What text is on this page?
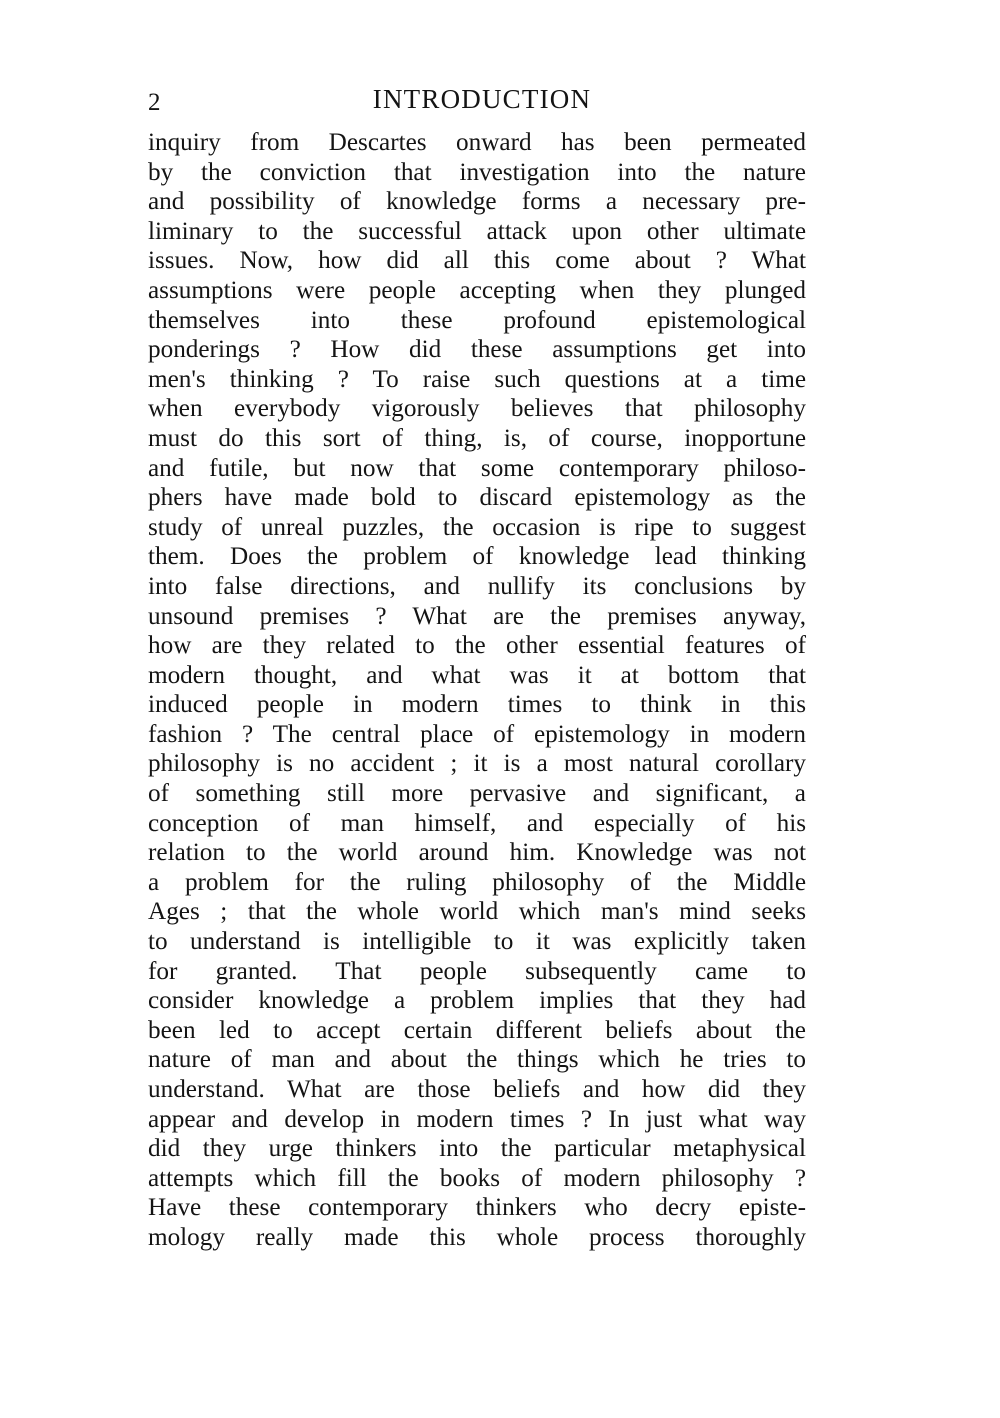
2	INTRODUCTION
inquiry from Descartes onward has been permeated
by the conviction that investigation into the nature
and possibility of knowledge forms a necessary pre-
liminary to the successful attack upon other ultimate
issues. Now, how did all this come about ? What
assumptions were people accepting when they plunged
themselves into these profound epistemological
ponderings ? How did these assumptions get into
men's thinking ? To raise such questions at a time
when everybody vigorously believes that philosophy
must do this sort of thing, is, of course, inopportune
and futile, but now that some contemporary philoso-
phers have made bold to discard epistemology as the
study of unreal puzzles, the occasion is ripe to suggest
them. Does the problem of knowledge lead thinking
into false directions, and nullify its conclusions by
unsound premises ? What are the premises anyway,
how are they related to the other essential features of
modern thought, and what was it at bottom that
induced people in modern times to think in this
fashion ? The central place of epistemology in modern
philosophy is no accident ; it is a most natural corollary
of something still more pervasive and significant, a
conception of man himself, and especially of his
relation to the world around him. Knowledge was not
a problem for the ruling philosophy of the Middle
Ages ; that the whole world which man's mind seeks
to understand is intelligible to it was explicitly taken
for granted. That people subsequently came to
consider knowledge a problem implies that they had
been led to accept certain different beliefs about the
nature of man and about the things which he tries to
understand. What are those beliefs and how did they
appear and develop in modern times ? In just what way
did they urge thinkers into the particular metaphysical
attempts which fill the books of modern philosophy ?
Have these contemporary thinkers who decry episte-
mology really made this whole process thoroughly
